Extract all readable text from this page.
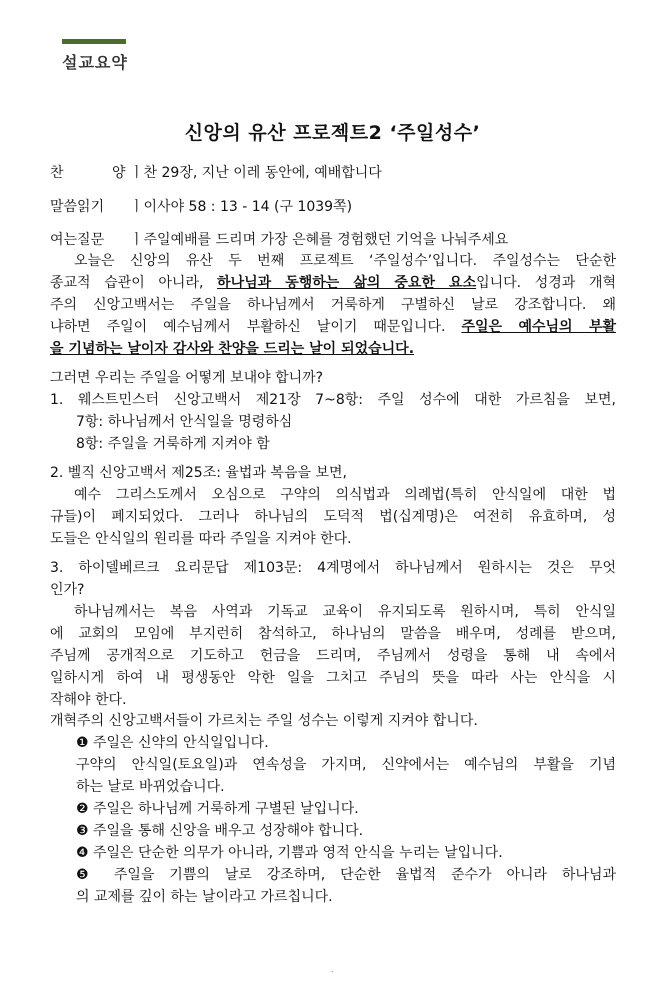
설교요약
신앙의 유산 프로젝트2 ‘주일성수’
찬 양ㅣ찬 29장, 지난 이레 동안에, 예배합니다
말씀읽기 ㅣ이사야 58 : 13 - 14 (구 1039쪽)
여는질문 ㅣ주일예배를 드리며 가장 은혜를 경험했던 기억을 나눠주세요
오늘은 신앙의 유산 두 번째 프로젝트 ‘주일성수’입니다. 주일성수는 단순한
종교적 습관이 아니라, 하나님과 동행하는 삶의 중요한 요소입니다. 성경과 개혁
주의 신앙고백서는 주일을 하나님께서 거룩하게 구별하신 날로 강조합니다. 왜
냐하면 주일이 예수님께서 부활하신 날이기 때문입니다. 주일은 예수님의 부활
을 기념하는 날이자 감사와 찬양을 드리는 날이 되었습니다.
그러면 우리는 주일을 어떻게 보내야 합니까?
1. 웨스트민스터 신앙고백서 제21장 7~8항: 주일 성수에 대한 가르침을 보면,
7항: 하나님께서 안식일을 명령하심
8항: 주일을 거룩하게 지켜야 함
2. 벨직 신앙고백서 제25조: 율법과 복음을 보면,
예수 그리스도께서 오심으로 구약의 의식법과 의례법(특히 안식일에 대한 법
규들)이 폐지되었다. 그러나 하나님의 도덕적 법(십계명)은 여전히 유효하며, 성
도들은 안식일의 원리를 따라 주일을 지켜야 한다.
3. 하이델베르크 요리문답 제103문: 4계명에서 하나님께서 원하시는 것은 무엇
인가?
하나님께서는 복음 사역과 기독교 교육이 유지되도록 원하시며, 특히 안식일
에 교회의 모임에 부지런히 참석하고, 하나님의 말씀을 배우며, 성례를 받으며,
주님께 공개적으로 기도하고 헌금을 드리며, 주님께서 성령을 통해 내 속에서
일하시게 하여 내 평생동안 악한 일을 그치고 주님의 뜻을 따라 사는 안식을 시
작해야 한다.
개혁주의 신앙고백서들이 가르치는 주일 성수는 이렇게 지켜야 합니다.
❶ 주일은 신약의 안식일입니다.
구약의 안식일(토요일)과 연속성을 가지며, 신약에서는 예수님의 부활을 기념
하는 날로 바뀌었습니다.
❷ 주일은 하나님께 거룩하게 구별된 날입니다.
❸ 주일을 통해 신앙을 배우고 성장해야 합니다.
❹ 주일은 단순한 의무가 아니라, 기쁨과 영적 안식을 누리는 날입니다.
❺ 주일을 기쁨의 날로 강조하며, 단순한 율법적 준수가 아니라 하나님과
의 교제를 깊이 하는 날이라고 가르칩니다.
.
